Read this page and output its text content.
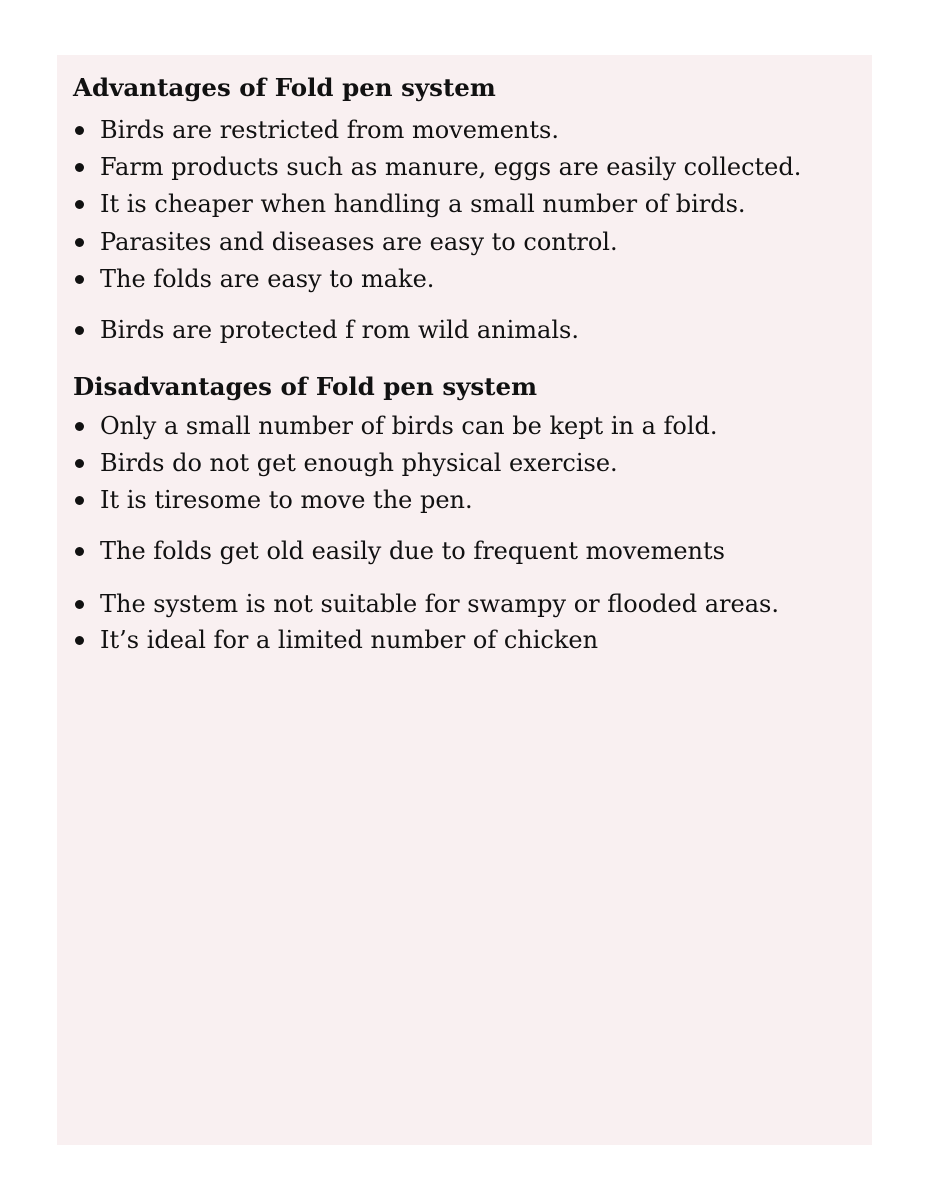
Advantages of Fold pen system
Birds are restricted from movements.
Farm products such as manure, eggs are easily collected.
It is cheaper when handling a small number of birds.
Parasites and diseases are easy to control.
The folds are easy to make.
Birds are protected f rom wild animals.
Disadvantages of Fold pen system
Only a small number of birds can be kept in a fold.
Birds do not get enough physical exercise.
It is tiresome to move the pen.
The folds get old easily due to frequent movements
The system is not suitable for swampy or flooded areas.
It’s ideal for a limited number of chicken
